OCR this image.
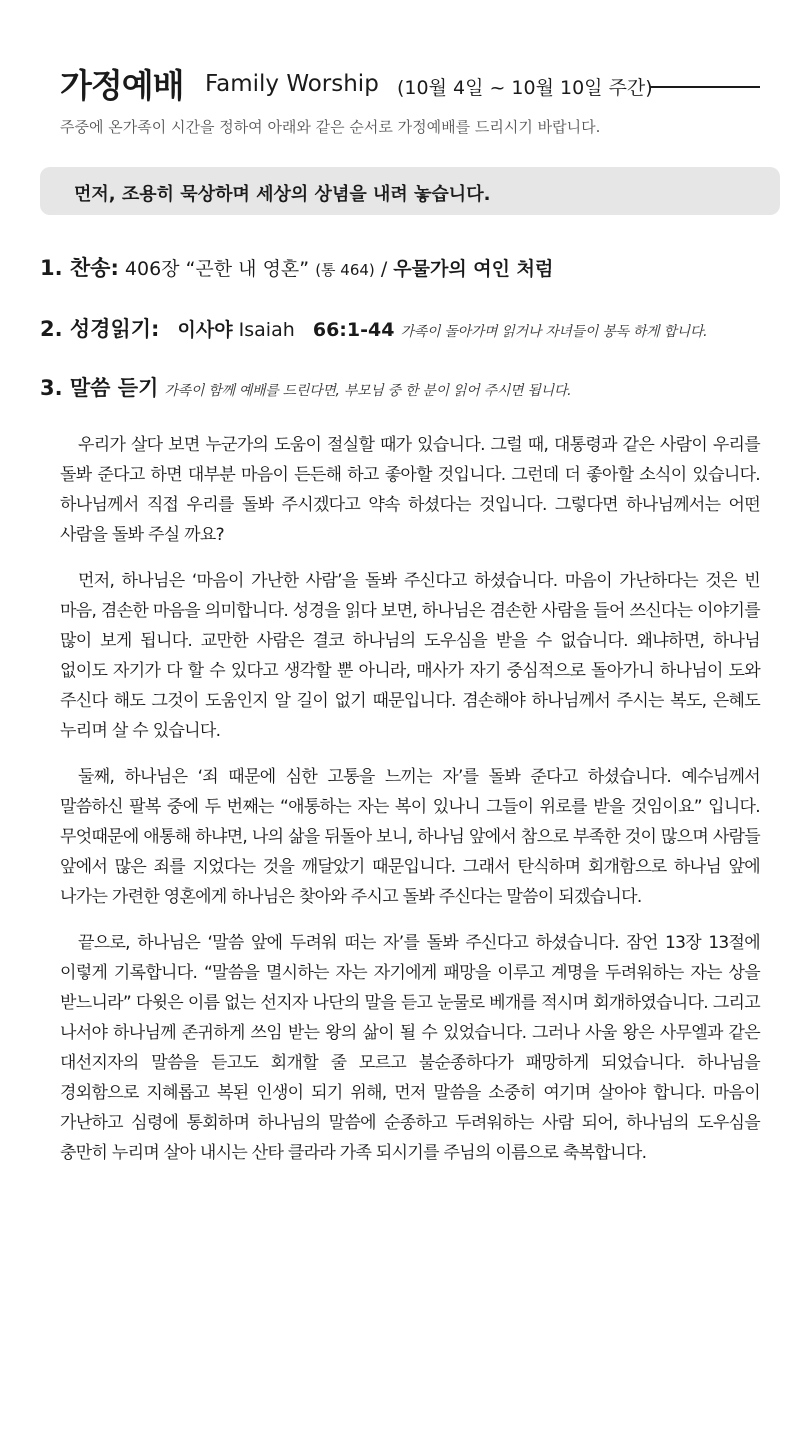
가정예배 Family Worship (10월 4일 ~ 10월 10일 주간)
주중에 온가족이 시간을 정하여 아래와 같은 순서로 가정예배를 드리시기 바랍니다.
먼저, 조용히 묵상하며 세상의 상념을 내려 놓습니다.
1. 찬송: 406장 “곤한 내 영혼” (통 464) / 우물가의 여인 처럼
2. 성경읽기: 이사야 Isaiah 66:1-44 가족이 돌아가며 읽거나 자녀들이 봉독 하게 합니다.
3. 말씀 듣기 가족이 함께 예배를 드린다면, 부모님 중 한 분이 읽어 주시면 됩니다.

우리가 살다 보면 누군가의 도움이 절실할 때가 있습니다. 그럴 때, 대통령과 같은 사람이 우리를 돌봐 준다고 하면 대부분 마음이 든든해 하고 좋아할 것입니다. 그런데 더 좋아할 소식이 있습니다. 하나님께서 직접 우리를 돌봐 주시겠다고 약속 하셨다는 것입니다. 그렇다면 하나님께서는 어떤 사람을 돌봐 주실 까요?

먼저, 하나님은 ‘마음이 가난한 사람’을 돌봐 주신다고 하셨습니다. 마음이 가난하다는 것은 빈 마음, 겸손한 마음을 의미합니다. 성경을 읽다 보면, 하나님은 겸손한 사람을 들어 쓰신다는 이야기를 많이 보게 됩니다. 교만한 사람은 결코 하나님의 도우심을 받을 수 없습니다. 왜냐하면, 하나님 없이도 자기가 다 할 수 있다고 생각할 뿐 아니라, 매사가 자기 중심적으로 돌아가니 하나님이 도와 주신다 해도 그것이 도움인지 알 길이 없기 때문입니다. 겸손해야 하나님께서 주시는 복도, 은혜도 누리며 살 수 있습니다.

둘째, 하나님은 ‘죄 때문에 심한 고통을 느끼는 자’를 돌봐 준다고 하셨습니다. 예수님께서 말씀하신 팔복 중에 두 번째는 “애통하는 자는 복이 있나니 그들이 위로를 받을 것임이요” 입니다. 무엇때문에 애통해 하냐면, 나의 삶을 뒤돌아 보니, 하나님 앞에서 참으로 부족한 것이 많으며 사람들 앞에서 많은 죄를 지었다는 것을 깨달았기 때문입니다. 그래서 탄식하며 회개함으로 하나님 앞에 나가는 가련한 영혼에게 하나님은 찾아와 주시고 돌봐 주신다는 말씀이 되겠습니다.

끝으로, 하나님은 ‘말씀 앞에 두려워 떠는 자’를 돌봐 주신다고 하셨습니다. 잠언 13장 13절에 이렇게 기록합니다. “말씀을 멸시하는 자는 자기에게 패망을 이루고 계명을 두려워하는 자는 상을 받느니라” 다윗은 이름 없는 선지자 나단의 말을 듣고 눈물로 베개를 적시며 회개하였습니다. 그리고 나서야 하나님께 존귀하게 쓰임 받는 왕의 삶이 될 수 있었습니다. 그러나 사울 왕은 사무엘과 같은 대선지자의 말씀을 듣고도 회개할 줄 모르고 불순종하다가 패망하게 되었습니다. 하나님을 경외함으로 지혜롭고 복된 인생이 되기 위해, 먼저 말씀을 소중히 여기며 살아야 합니다. 마음이 가난하고 심령에 통회하며 하나님의 말씀에 순종하고 두려워하는 사람 되어, 하나님의 도우심을 충만히 누리며 살아 내시는 산타 클라라 가족 되시기를 주님의 이름으로 축복합니다.
